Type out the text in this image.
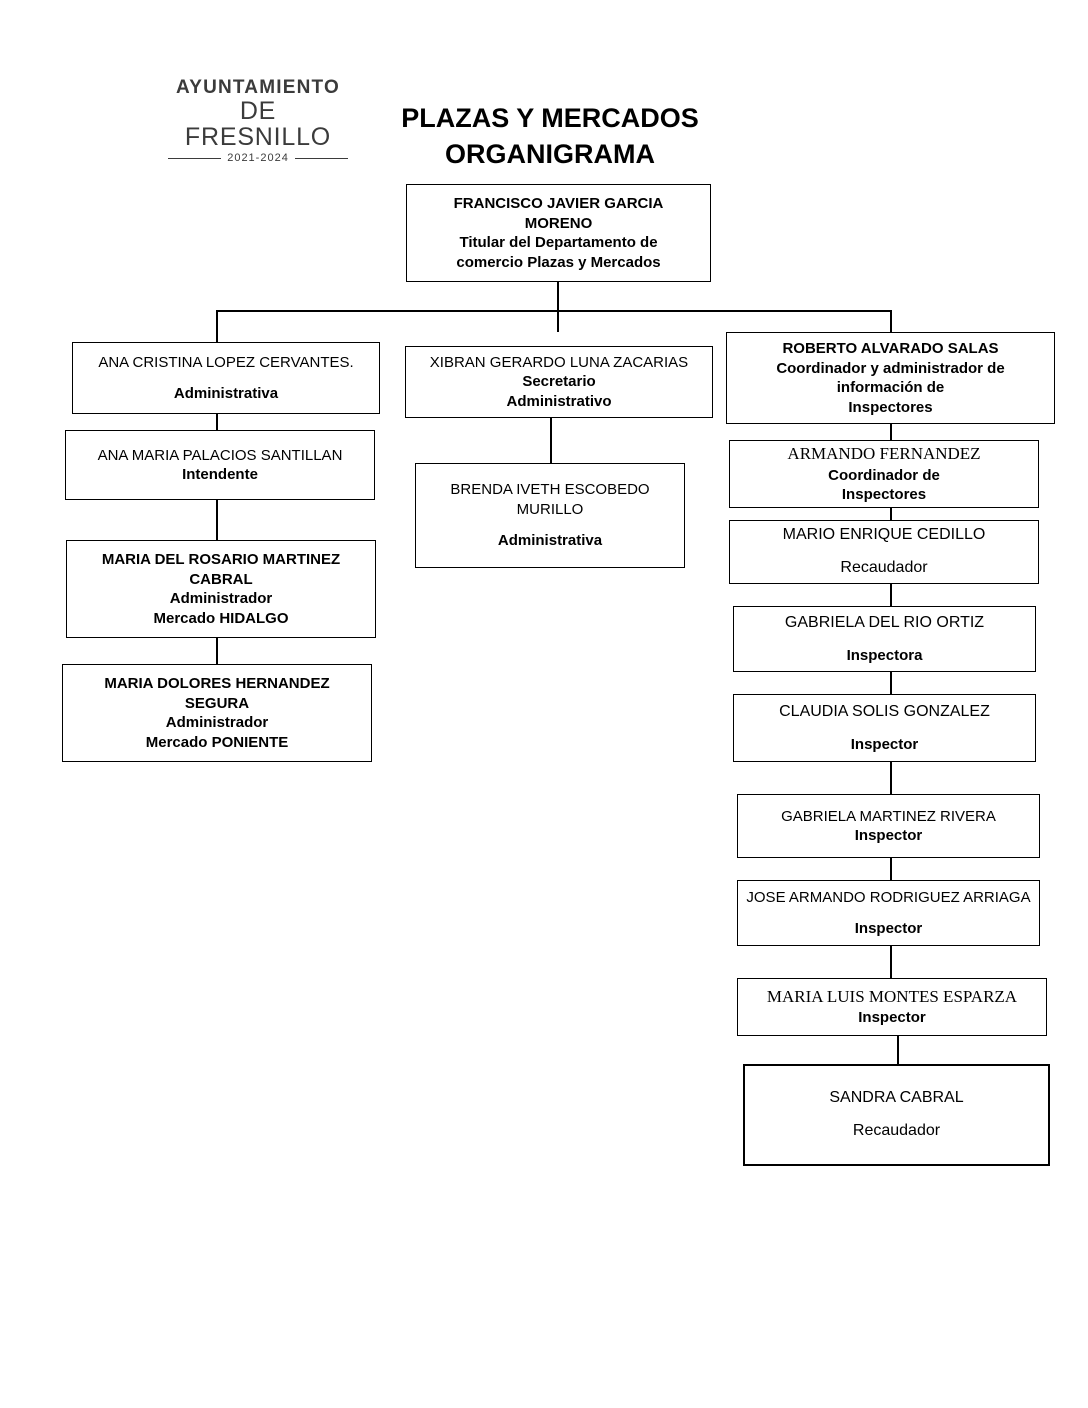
AYUNTAMIENTO
DE FRESNILLO
2021-2024
PLAZAS Y MERCADOS
ORGANIGRAMA
FRANCISCO JAVIER GARCIA
MORENO
Titular del Departamento de
comercio Plazas y Mercados
ANA CRISTINA LOPEZ CERVANTES.
Administrativa
ANA MARIA PALACIOS SANTILLAN
Intendente
MARIA DEL ROSARIO MARTINEZ
CABRAL
Administrador
Mercado HIDALGO
MARIA DOLORES HERNANDEZ
SEGURA
Administrador
Mercado PONIENTE
XIBRAN GERARDO LUNA ZACARIAS
Secretario
Administrativo
BRENDA IVETH ESCOBEDO
MURILLO
Administrativa
ROBERTO ALVARADO SALAS
Coordinador y administrador de
información de
Inspectores
ARMANDO FERNANDEZ
Coordinador de
Inspectores
MARIO ENRIQUE CEDILLO
Recaudador
GABRIELA DEL RIO ORTIZ
Inspectora
CLAUDIA SOLIS GONZALEZ
Inspector
GABRIELA MARTINEZ RIVERA
Inspector
JOSE ARMANDO RODRIGUEZ ARRIAGA
Inspector
MARIA LUIS MONTES ESPARZA
Inspector
SANDRA CABRAL
Recaudador
